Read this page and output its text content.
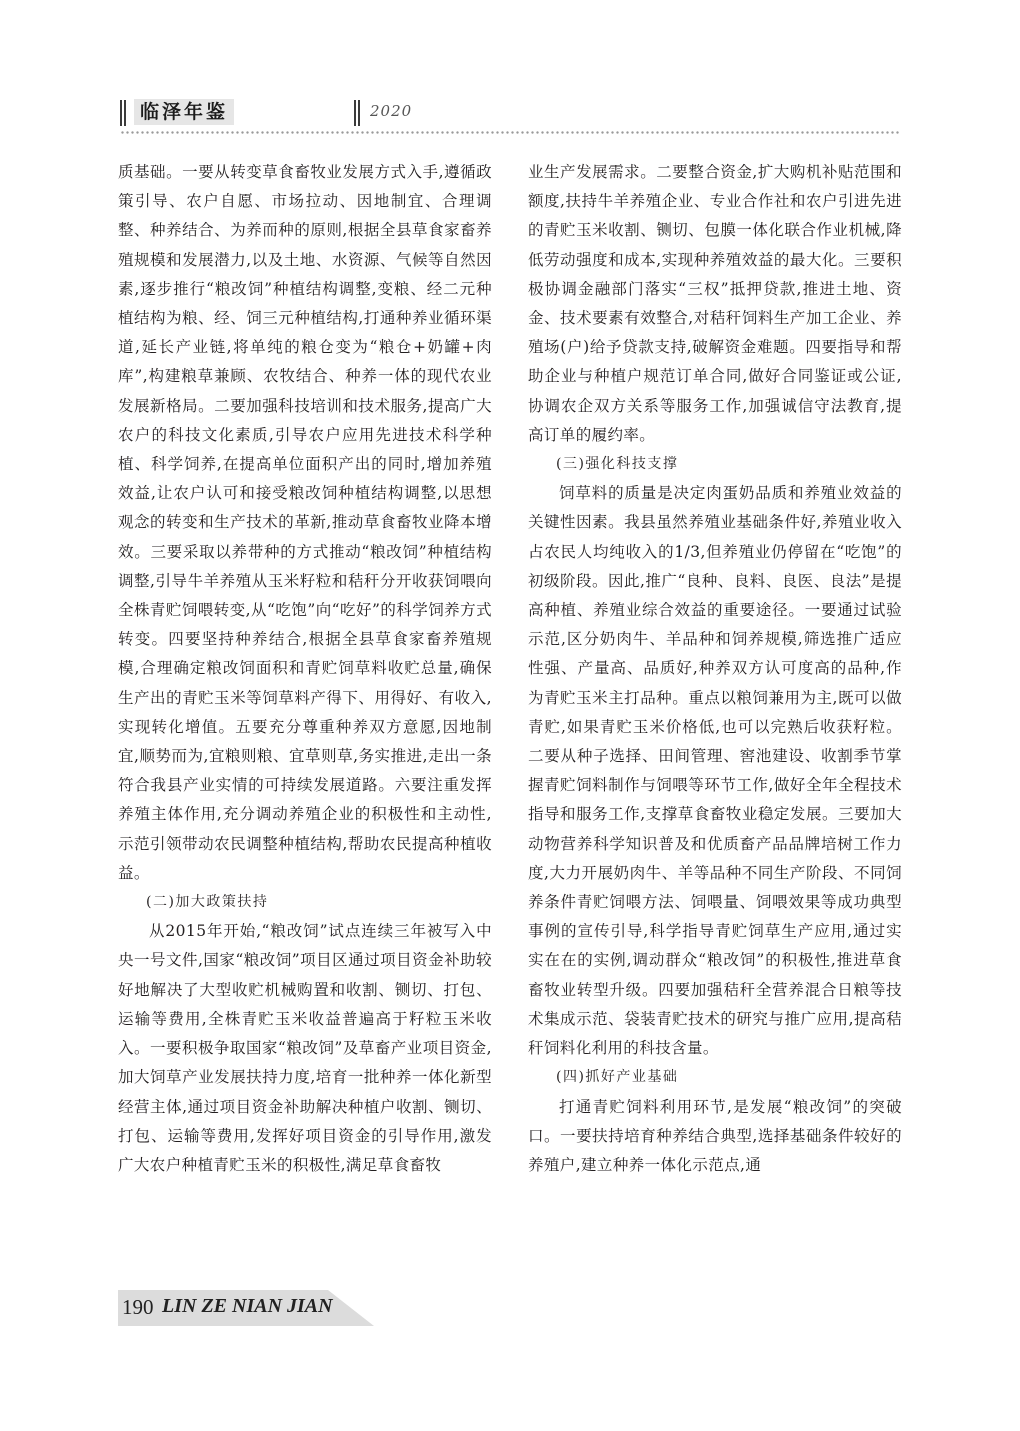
临泽年鉴	2020

质基础。一要从转变草食畜牧业发展方式入手,遵循政策引导、农户自愿、市场拉动、因地制宜、合理调整、种养结合、为养而种的原则,根据全县草食家畜养殖规模和发展潜力,以及土地、水资源、气候等自然因素,逐步推行“粮改饲”种植结构调整,变粮、经二元种植结构为粮、经、饲三元种植结构,打通种养业循环渠道,延长产业链,将单纯的粮仓变为“粮仓+奶罐+肉库”,构建粮草兼顾、农牧结合、种养一体的现代农业发展新格局。二要加强科技培训和技术服务,提高广大农户的科技文化素质,引导农户应用先进技术科学种植、科学饲养,在提高单位面积产出的同时,增加养殖效益,让农户认可和接受粮改饲种植结构调整,以思想观念的转变和生产技术的革新,推动草食畜牧业降本增效。三要采取以养带种的方式推动“粮改饲”种植结构调整,引导牛羊养殖从玉米籽粒和秸秆分开收获饲喂向全株青贮饲喂转变,从“吃饱”向“吃好”的科学饲养方式转变。四要坚持种养结合,根据全县草食家畜养殖规模,合理确定粮改饲面积和青贮饲草料收贮总量,确保生产出的青贮玉米等饲草料产得下、用得好、有收入,实现转化增值。五要充分尊重种养双方意愿,因地制宜,顺势而为,宜粮则粮、宜草则草,务实推进,走出一条符合我县产业实情的可持续发展道路。六要注重发挥养殖主体作用,充分调动养殖企业的积极性和主动性,示范引领带动农民调整种植结构,帮助农民提高种植收益。

(二)加大政策扶持

从2015年开始,“粮改饲”试点连续三年被写入中央一号文件,国家“粮改饲”项目区通过项目资金补助较好地解决了大型收贮机械购置和收割、铡切、打包、运输等费用,全株青贮玉米收益普遍高于籽粒玉米收入。一要积极争取国家“粮改饲”及草畜产业项目资金,加大饲草产业发展扶持力度,培育一批种养一体化新型经营主体,通过项目资金补助解决种植户收割、铡切、打包、运输等费用,发挥好项目资金的引导作用,激发广大农户种植青贮玉米的积极性,满足草食畜牧

业生产发展需求。二要整合资金,扩大购机补贴范围和额度,扶持牛羊养殖企业、专业合作社和农户引进先进的青贮玉米收割、铡切、包膜一体化联合作业机械,降低劳动强度和成本,实现种养殖效益的最大化。三要积极协调金融部门落实“三权”抵押贷款,推进土地、资金、技术要素有效整合,对秸秆饲料生产加工企业、养殖场(户)给予贷款支持,破解资金难题。四要指导和帮助企业与种植户规范订单合同,做好合同鉴证或公证,协调农企双方关系等服务工作,加强诚信守法教育,提高订单的履约率。

(三)强化科技支撑

饲草料的质量是决定肉蛋奶品质和养殖业效益的关键性因素。我县虽然养殖业基础条件好,养殖业收入占农民人均纯收入的1/3,但养殖业仍停留在“吃饱”的初级阶段。因此,推广“良种、良料、良医、良法”是提高种植、养殖业综合效益的重要途径。一要通过试验示范,区分奶肉牛、羊品种和饲养规模,筛选推广适应性强、产量高、品质好,种养双方认可度高的品种,作为青贮玉米主打品种。重点以粮饲兼用为主,既可以做青贮,如果青贮玉米价格低,也可以完熟后收获籽粒。二要从种子选择、田间管理、窖池建设、收割季节掌握青贮饲料制作与饲喂等环节工作,做好全年全程技术指导和服务工作,支撑草食畜牧业稳定发展。三要加大动物营养科学知识普及和优质畜产品品牌培树工作力度,大力开展奶肉牛、羊等品种不同生产阶段、不同饲养条件青贮饲喂方法、饲喂量、饲喂效果等成功典型事例的宣传引导,科学指导青贮饲草生产应用,通过实实在在的实例,调动群众“粮改饲”的积极性,推进草食畜牧业转型升级。四要加强秸秆全营养混合日粮等技术集成示范、袋装青贮技术的研究与推广应用,提高秸秆饲料化利用的科技含量。

(四)抓好产业基础

打通青贮饲料利用环节,是发展“粮改饲”的突破口。一要扶持培育种养结合典型,选择基础条件较好的养殖户,建立种养一体化示范点,通

190 LIN ZE NIAN JIAN
